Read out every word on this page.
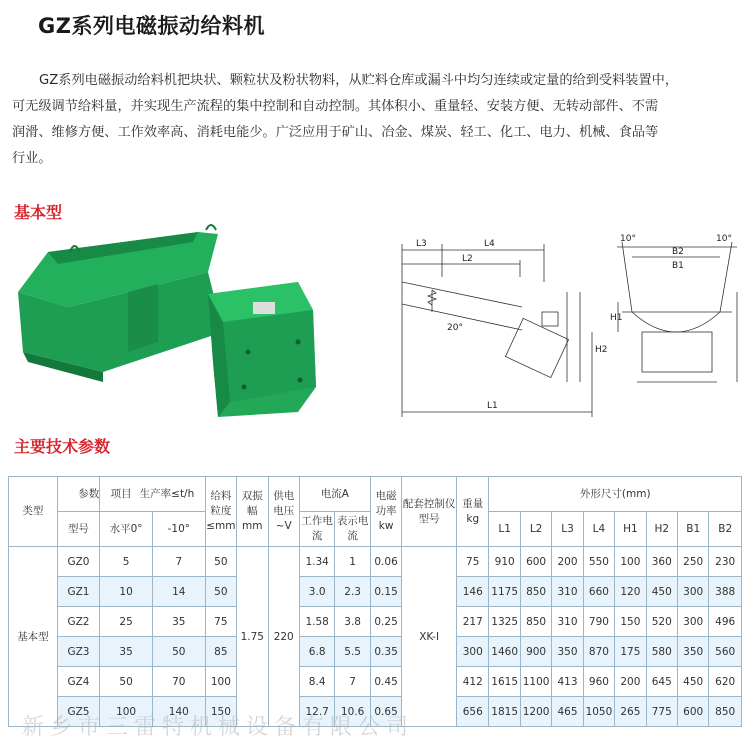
GZ系列电磁振动给料机
GZ系列电磁振动给料机把块状、颗粒状及粉状物料，从贮料仓库或漏斗中均匀连续或定量的给到受料装置中，
可无级调节给料量，并实现生产流程的集中控制和自动控制。其体积小、重量轻、安装方便、无转动部件、不需
润滑、维修方便、工作效率高、消耗电能少。广泛应用于矿山、冶金、煤炭、轻工、化工、电力、机械、食品等
行业。
基本型
L3	L4
L2
L1
H2
H1
B2
B1
10°	10°
20°
主要技术参数
类型	参数	项目 生产率≤t/h		给料粒度≤mm	双振幅mm	供电电压~V	电流A		电磁功率kw	配套控制仪型号	重量kg	外形尺寸(mm)							
	型号	水平0°	-10°				工作电流	表示电流				L1	L2	L3	L4	H1	H2	B1	B2
基本型	GZ0	5	7	50	1.75	220	1.34	1	0.06	XK-I	75	910	600	200	550	100	360	250	230
	GZ1	10	14	50			3.0	2.3	0.15		146	1175	850	310	660	120	450	300	388
	GZ2	25	35	75			1.58	3.8	0.25		217	1325	850	310	790	150	520	300	496
	GZ3	35	50	85			6.8	5.5	0.35		300	1460	900	350	870	175	580	350	560
	GZ4	50	70	100			8.4	7	0.45		412	1615	1100	413	960	200	645	450	620
	GZ5	100	140	150			12.7	10.6	0.65		656	1815	1200	465	1050	265	775	600	850
新乡市三雷特机械设备有限公司
